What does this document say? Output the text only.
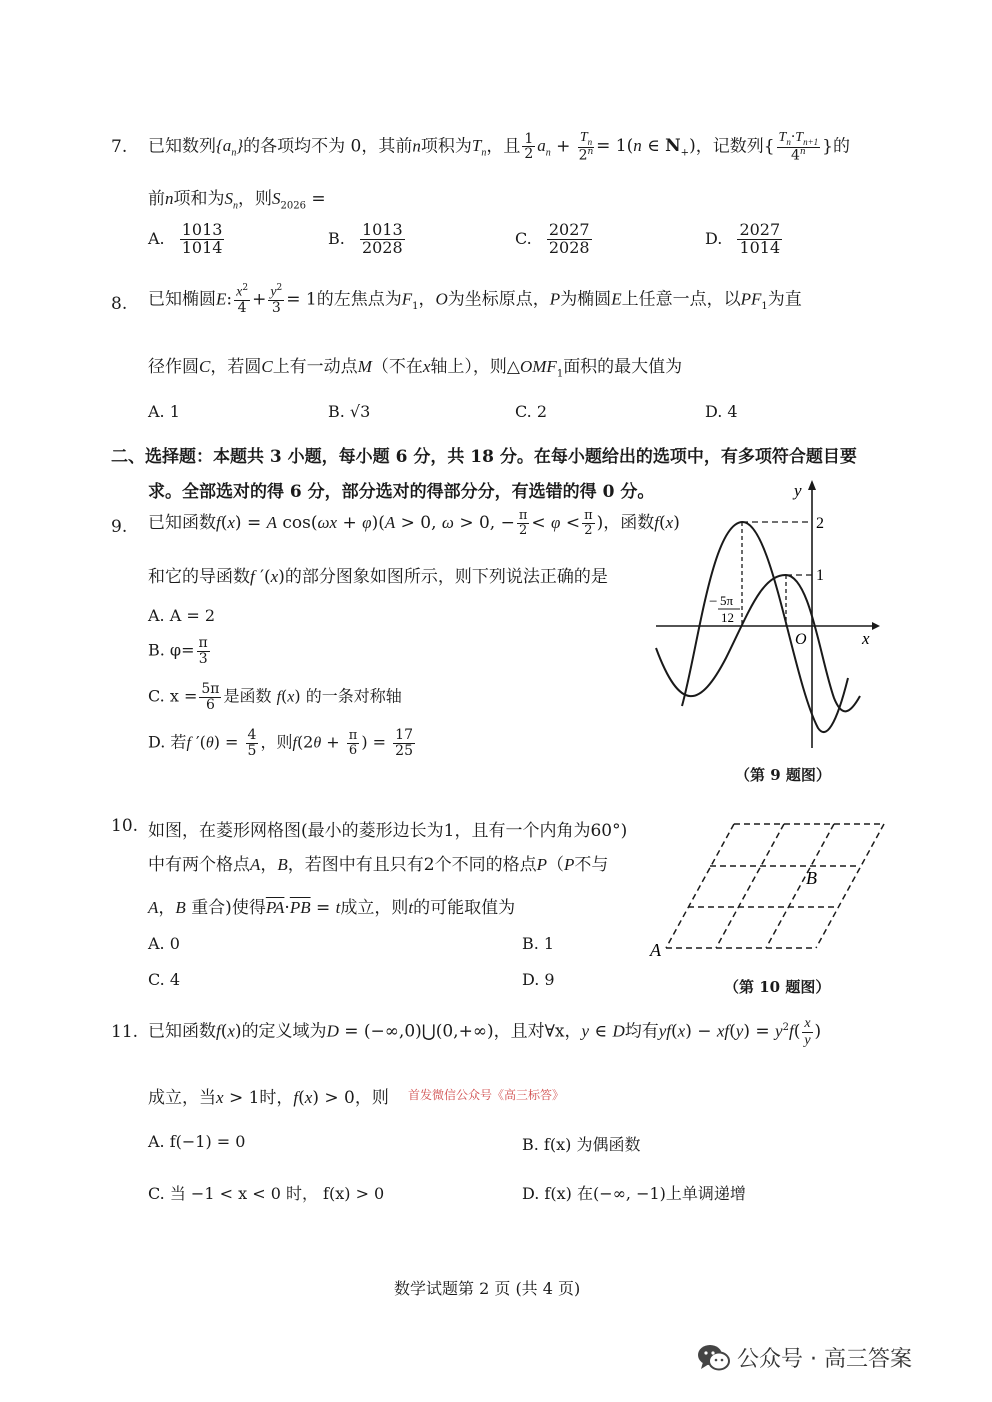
7. 已知数列$\{a_n\}$的各项均不为 0，其前n项积为$T_n$，且 $\frac{1}{2} a_n + \frac{T_n}{2^n} = 1(n$ ∈ $N_+$)，记数列{ $\frac{T_n\cdot T_{n+1}}{4^n}$ }的
前n项和为$S_n$，则$S_{2026}$ =
A. $\frac{1013}{1014}$	B. $\frac{1013}{2028}$	C. $\frac{2027}{2028}$	D. $\frac{2027}{1014}$
8. 已知椭圆E: $\frac{x^2}{4} + \frac{y^2}{3} = 1$的左焦点为$F_1$，O为坐标原点，P为椭圆E上任意一点，以$PF_1$为直
径作圆C，若圆C上有一动点M（不在x轴上），则$\triangle OMF_1$面积的最大值为
A. 1	B. √3	C. 2	D. 4
二、选择题：本题共 3 小题，每小题 6 分，共 18 分。在每小题给出的选项中，有多项符合题目要
求。全部选对的得 6 分，部分选对的得部分分，有选错的得 0 分。
9. 已知函数f(x) = A cos(ωx + φ)(A > 0, ω > 0, − $\frac{\pi}{2} < \varphi < \frac{\pi}{2}$ )，函数f(x)
和它的导函数f ′(x)的部分图象如图所示，则下列说法正确的是
A. A = 2
B. $\varphi= \frac{\pi}{3}$
C. $x = \frac{5\pi}{6}$ 是函数 f(x) 的一条对称轴
D. 若f $'(\theta) = \frac{4}{5}$ ，则$f(2\theta + \frac{\pi}{6}$ ) = $\frac{17}{25}$
y
x
O
2
1
− 5π
12
（第 9 题图）
10. 如图，在菱形网格图(最小的菱形边长为1，且有一个内角为60°)
中有两个格点A，B，若图中有且只有2个不同的格点P（P不与
A，B 重合)使得$\overline{PA}\cdot\overline{PB} = t$成立，则t的可能取值为
A. 0	B. 1
C. 4	D. 9
A
B
（第 10 题图）
11. 已知函数f(x)的定义域为D = (−∞,0)⋃(0,+∞)，且对∀x，y ∈ D均有$yf(x) - xf(y) = y^2f( \frac{x}{y}$ )
成立，当x > 1时，f(x) > 0，则 首发微信公众号《高三标答》
A. f(−1) = 0	B. f(x) 为偶函数
C. 当 −1 < x < 0 时， f(x) > 0	D. f(x) 在(−∞, −1)上单调递增
数学试题第 2 页 (共 4 页)
公众号 · 高三答案
